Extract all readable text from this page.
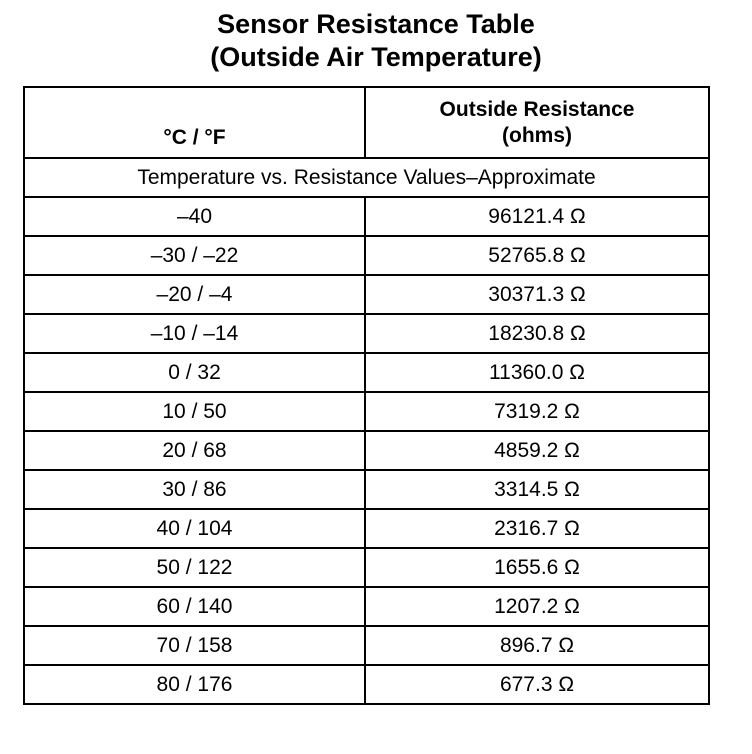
Sensor Resistance Table
(Outside Air Temperature)
°C / °F	Outside Resistance
(ohms)

Temperature vs. Resistance Values–Approximate	
–40	96121.4 Ω
–30 / –22	52765.8 Ω
–20 / –4	30371.3 Ω
–10 / –14	18230.8 Ω
0 / 32	11360.0 Ω
10 / 50	7319.2 Ω
20 / 68	4859.2 Ω
30 / 86	3314.5 Ω
40 / 104	2316.7 Ω
50 / 122	1655.6 Ω
60 / 140	1207.2 Ω
70 / 158	896.7 Ω
80 / 176	677.3 Ω
